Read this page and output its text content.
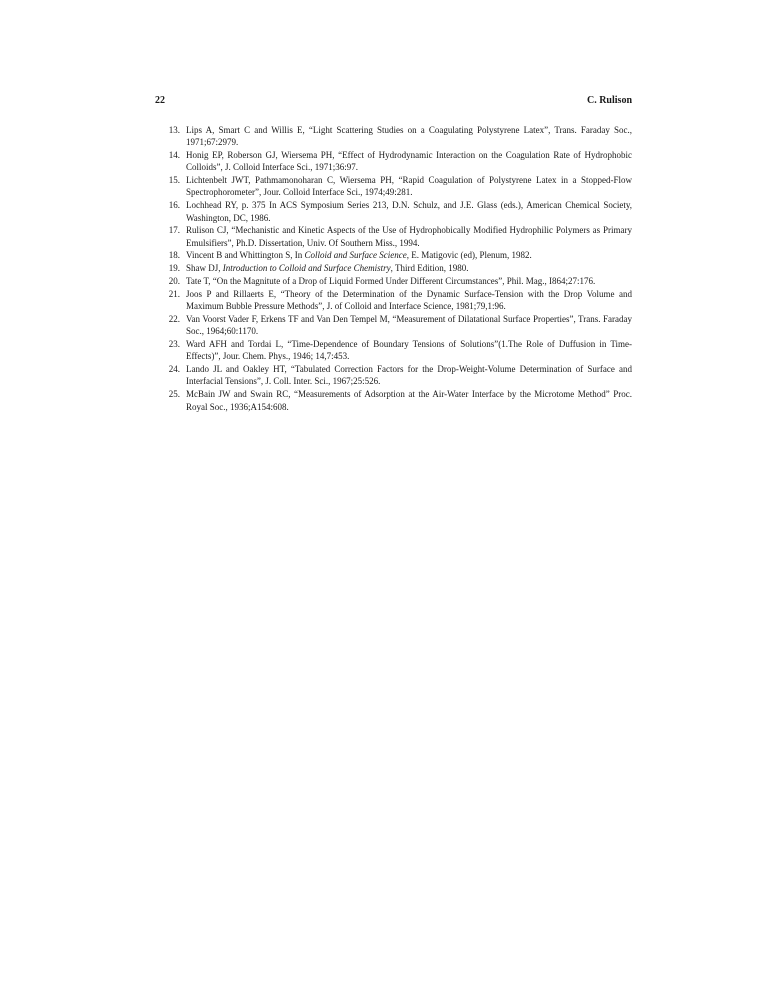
22	C. Rulison
13. Lips A, Smart C and Willis E, “Light Scattering Studies on a Coagulating Polystyrene Latex”, Trans. Faraday Soc., 1971;67:2979.
14. Honig EP, Roberson GJ, Wiersema PH, “Effect of Hydrodynamic Interaction on the Coagulation Rate of Hydrophobic Colloids”, J. Colloid Interface Sci., 1971;36:97.
15. Lichtenbelt JWT, Pathmamonoharan C, Wiersema PH, “Rapid Coagulation of Polystyrene Latex in a Stopped-Flow Spectrophorometer”, Jour. Colloid Interface Sci., 1974;49:281.
16. Lochhead RY, p. 375 In ACS Symposium Series 213, D.N. Schulz, and J.E. Glass (eds.), American Chemical Society, Washington, DC, 1986.
17. Rulison CJ, “Mechanistic and Kinetic Aspects of the Use of Hydrophobically Modified Hydrophilic Polymers as Primary Emulsifiers”, Ph.D. Dissertation, Univ. Of Southern Miss., 1994.
18. Vincent B and Whittington S, In Colloid and Surface Science, E. Matigovic (ed), Plenum, 1982.
19. Shaw DJ, Introduction to Colloid and Surface Chemistry, Third Edition, 1980.
20. Tate T, “On the Magnitute of a Drop of Liquid Formed Under Different Circumstances”, Phil. Mag., I864;27:176.
21. Joos P and Rillaerts E, “Theory of the Determination of the Dynamic Surface-Tension with the Drop Volume and Maximum Bubble Pressure Methods”, J. of Colloid and Interface Science, 1981;79,1:96.
22. Van Voorst Vader F, Erkens TF and Van Den Tempel M, “Measurement of Dilatational Surface Properties”, Trans. Faraday Soc., 1964;60:1170.
23. Ward AFH and Tordai L, “Time-Dependence of Boundary Tensions of Solutions”(1.The Role of Duffusion in Time-Effects)”, Jour. Chem. Phys., 1946; 14,7:453.
24. Lando JL and Oakley HT, “Tabulated Correction Factors for the Drop-Weight-Volume Determination of Surface and Interfacial Tensions”, J. Coll. Inter. Sci., 1967;25:526.
25. McBain JW and Swain RC, “Measurements of Adsorption at the Air-Water Interface by the Microtome Method” Proc. Royal Soc., 1936;A154:608.
